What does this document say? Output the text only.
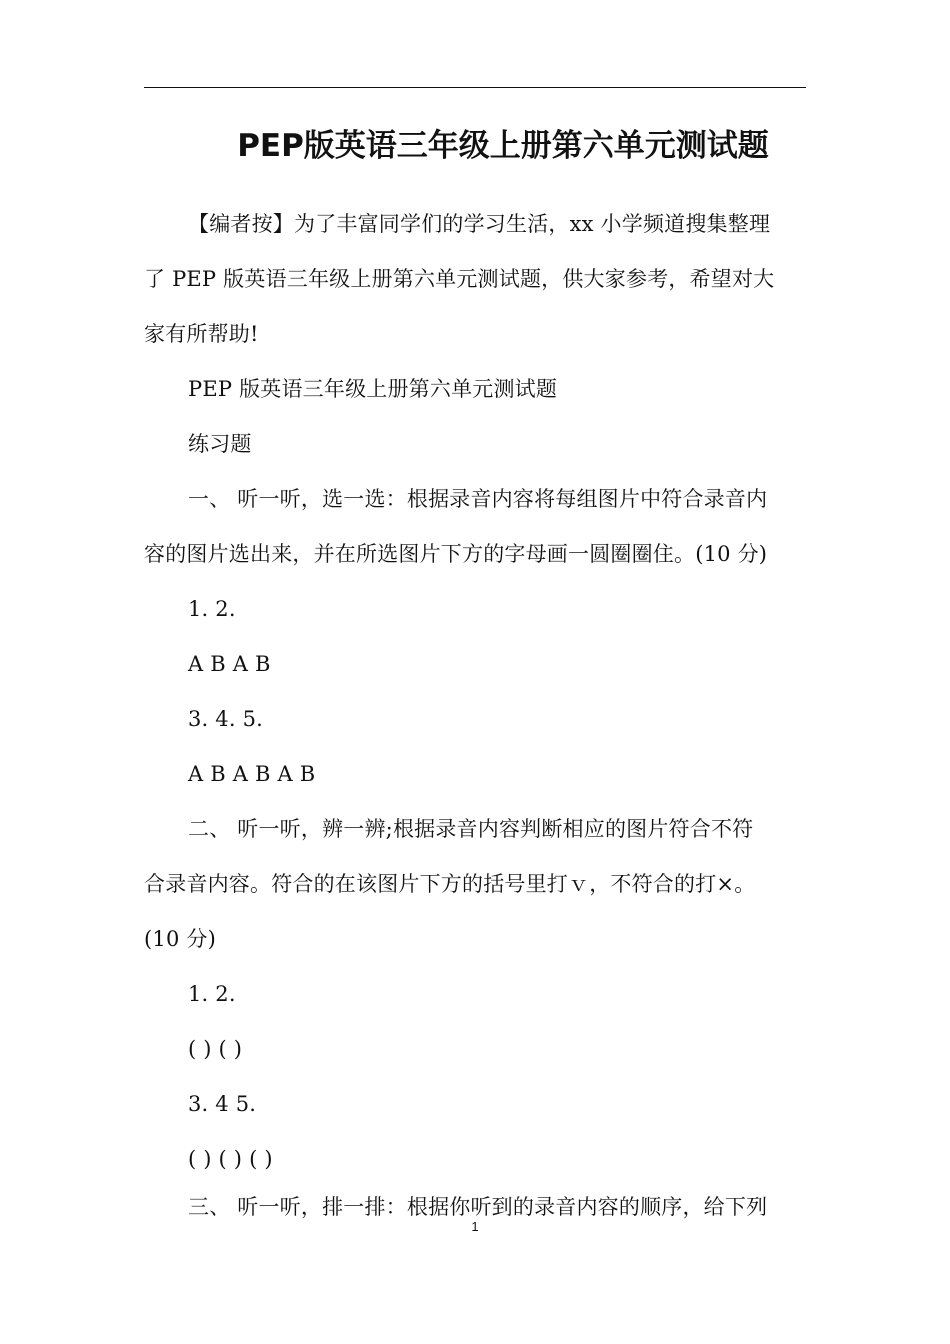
PEP版英语三年级上册第六单元测试题
【编者按】为了丰富同学们的学习生活，xx 小学频道搜集整理
了 PEP 版英语三年级上册第六单元测试题，供大家参考，希望对大
家有所帮助!
PEP 版英语三年级上册第六单元测试题
练习题
一、 听一听，选一选：根据录音内容将每组图片中符合录音内
容的图片选出来，并在所选图片下方的字母画一圆圈圈住。(10 分)
1. 2.
A B A B
3. 4. 5.
A B A B A B
二、 听一听，辨一辨;根据录音内容判断相应的图片符合不符
合录音内容。符合的在该图片下方的括号里打ｖ，不符合的打×。
(10 分)
1. 2.
( ) ( )
3. 4 5.
( ) ( ) ( )
三、 听一听，排一排：根据你听到的录音内容的顺序，给下列
1
